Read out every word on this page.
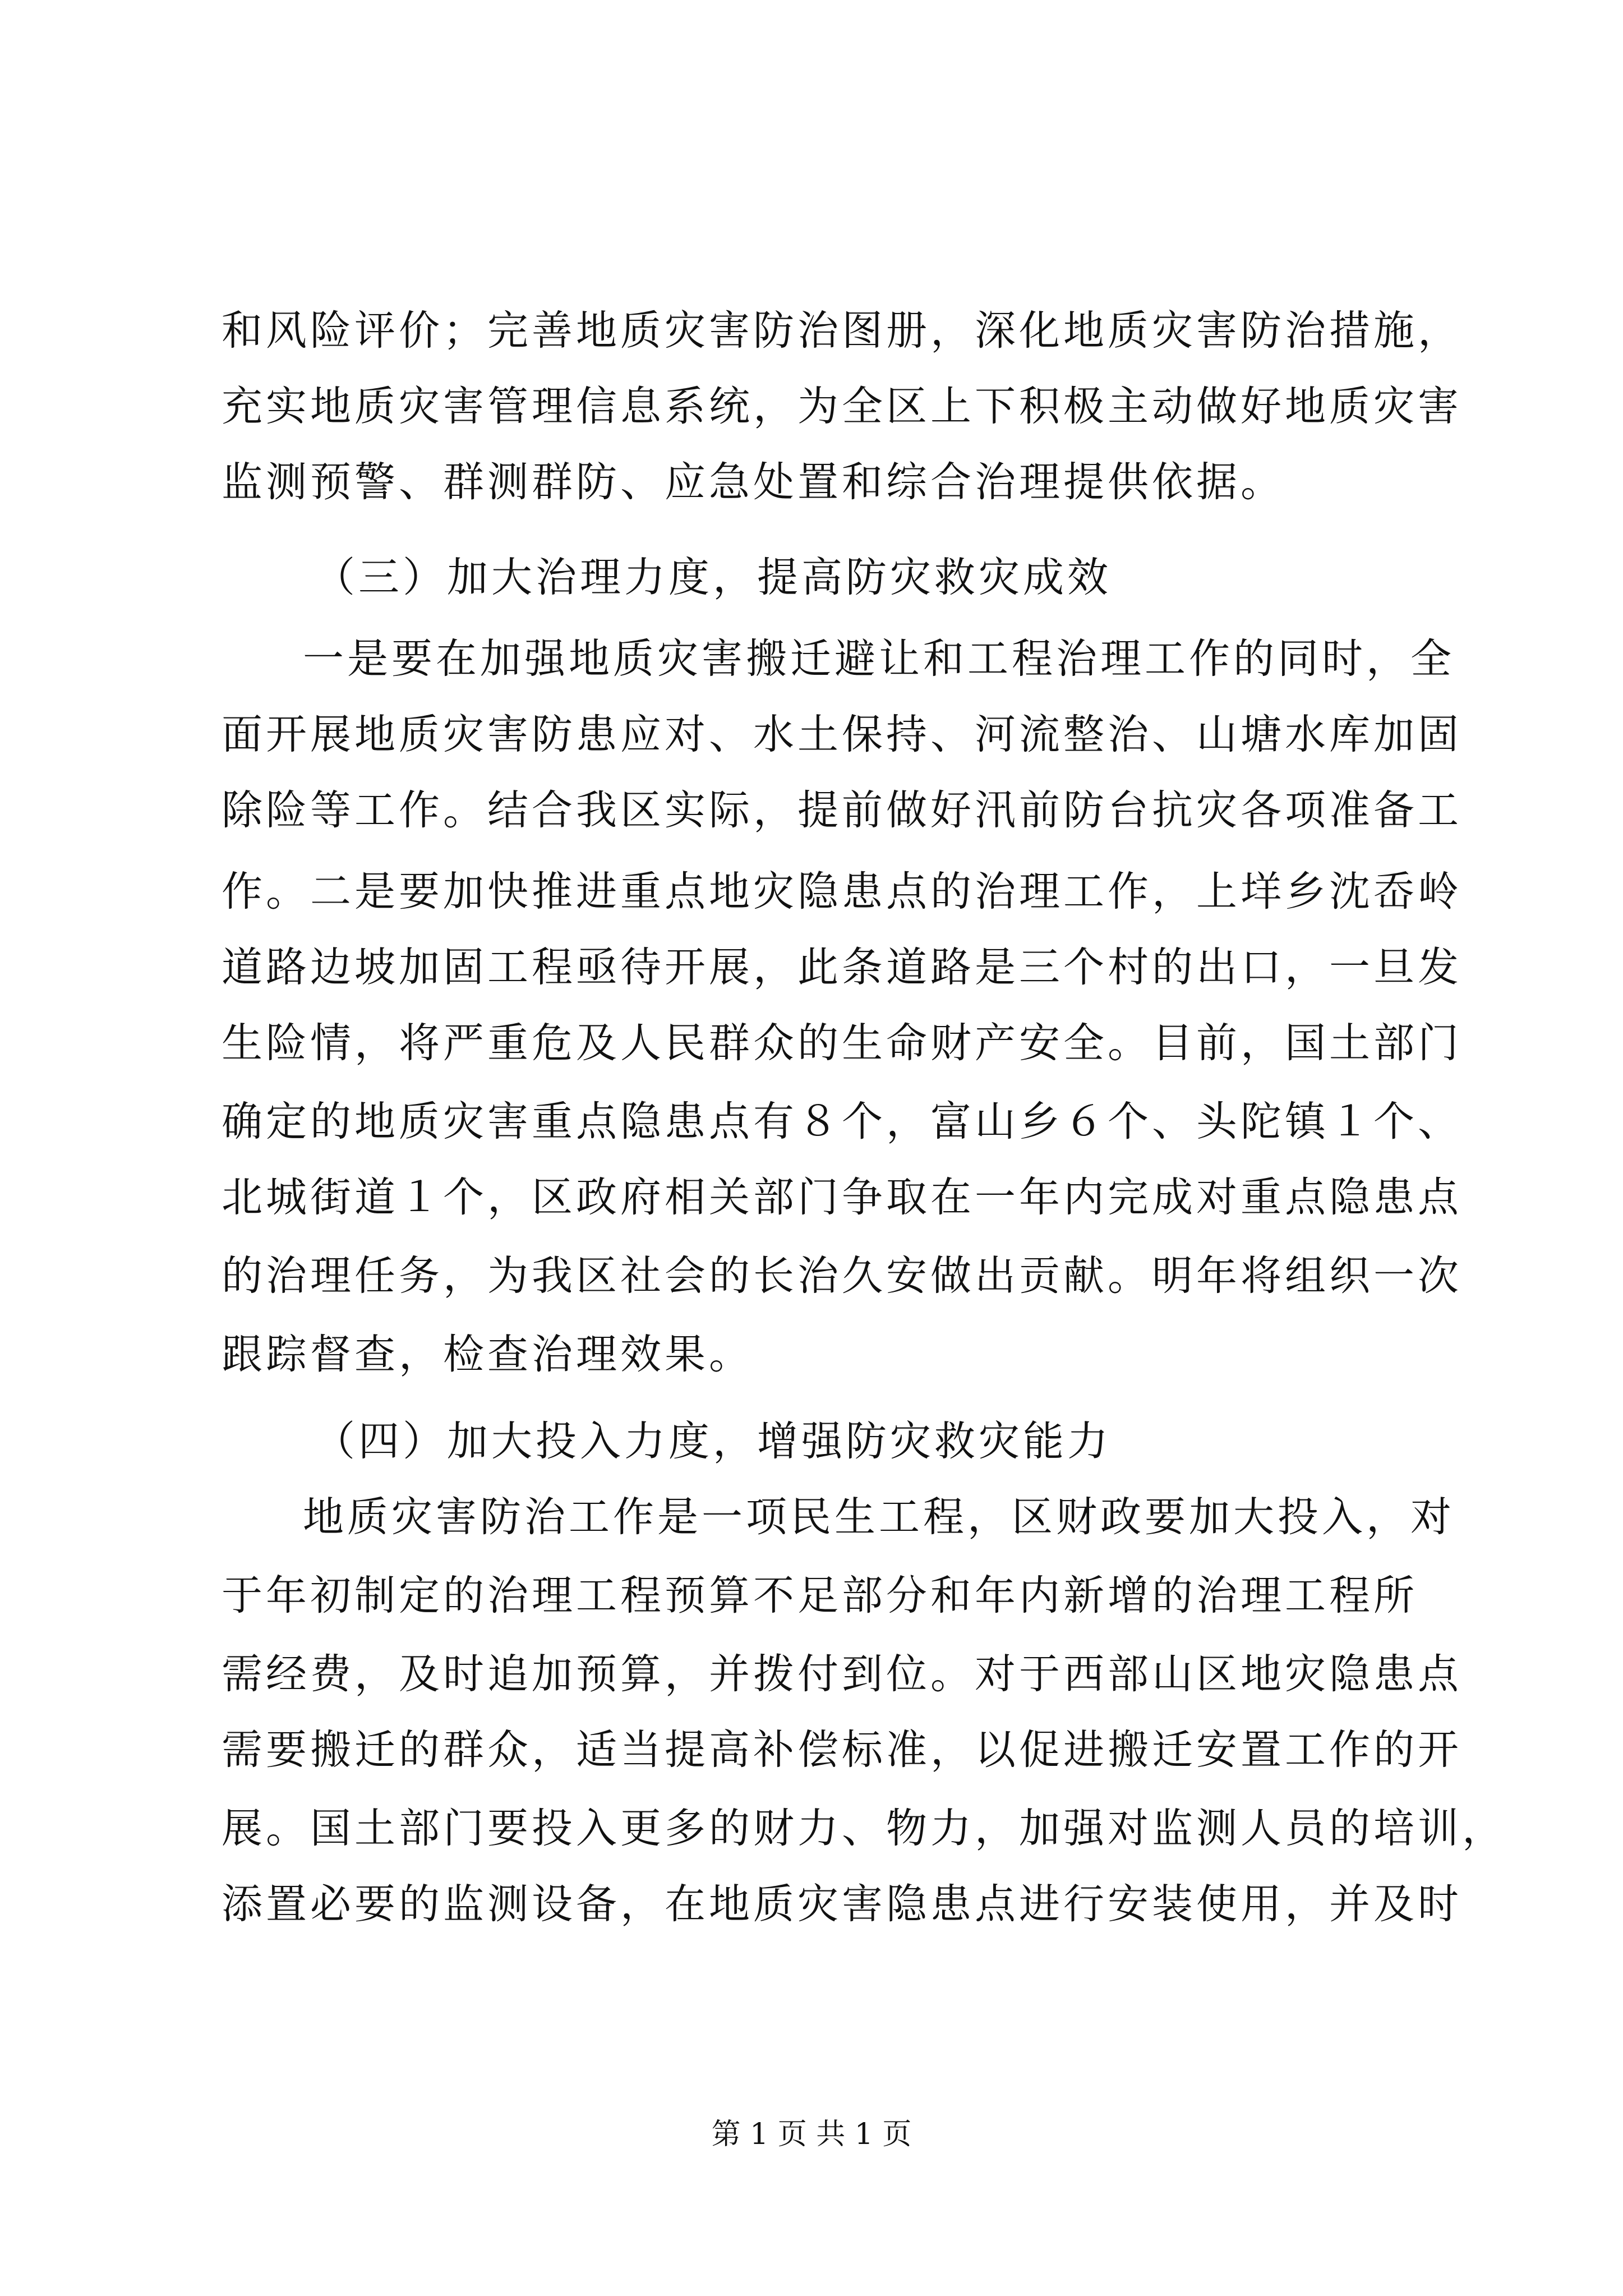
和风险评价；完善地质灾害防治图册，深化地质灾害防治措施，
充实地质灾害管理信息系统，为全区上下积极主动做好地质灾害
监测预警、群测群防、应急处置和综合治理提供依据。
（三）加大治理力度，提高防灾救灾成效
一是要在加强地质灾害搬迁避让和工程治理工作的同时，全
面开展地质灾害防患应对、水土保持、河流整治、山塘水库加固
除险等工作。结合我区实际，提前做好汛前防台抗灾各项准备工
作。二是要加快推进重点地灾隐患点的治理工作，上垟乡沈岙岭
道路边坡加固工程亟待开展，此条道路是三个村的出口，一旦发
生险情，将严重危及人民群众的生命财产安全。目前，国土部门
确定的地质灾害重点隐患点有８个，富山乡６个、头陀镇１个、
北城街道１个，区政府相关部门争取在一年内完成对重点隐患点
的治理任务，为我区社会的长治久安做出贡献。明年将组织一次
跟踪督查，检查治理效果。
（四）加大投入力度，增强防灾救灾能力
地质灾害防治工作是一项民生工程，区财政要加大投入，对
于年初制定的治理工程预算不足部分和年内新增的治理工程所
需经费，及时追加预算，并拨付到位。对于西部山区地灾隐患点
需要搬迁的群众，适当提高补偿标准，以促进搬迁安置工作的开
展。国土部门要投入更多的财力、物力，加强对监测人员的培训，
添置必要的监测设备，在地质灾害隐患点进行安装使用，并及时
第 1 页 共 1 页
